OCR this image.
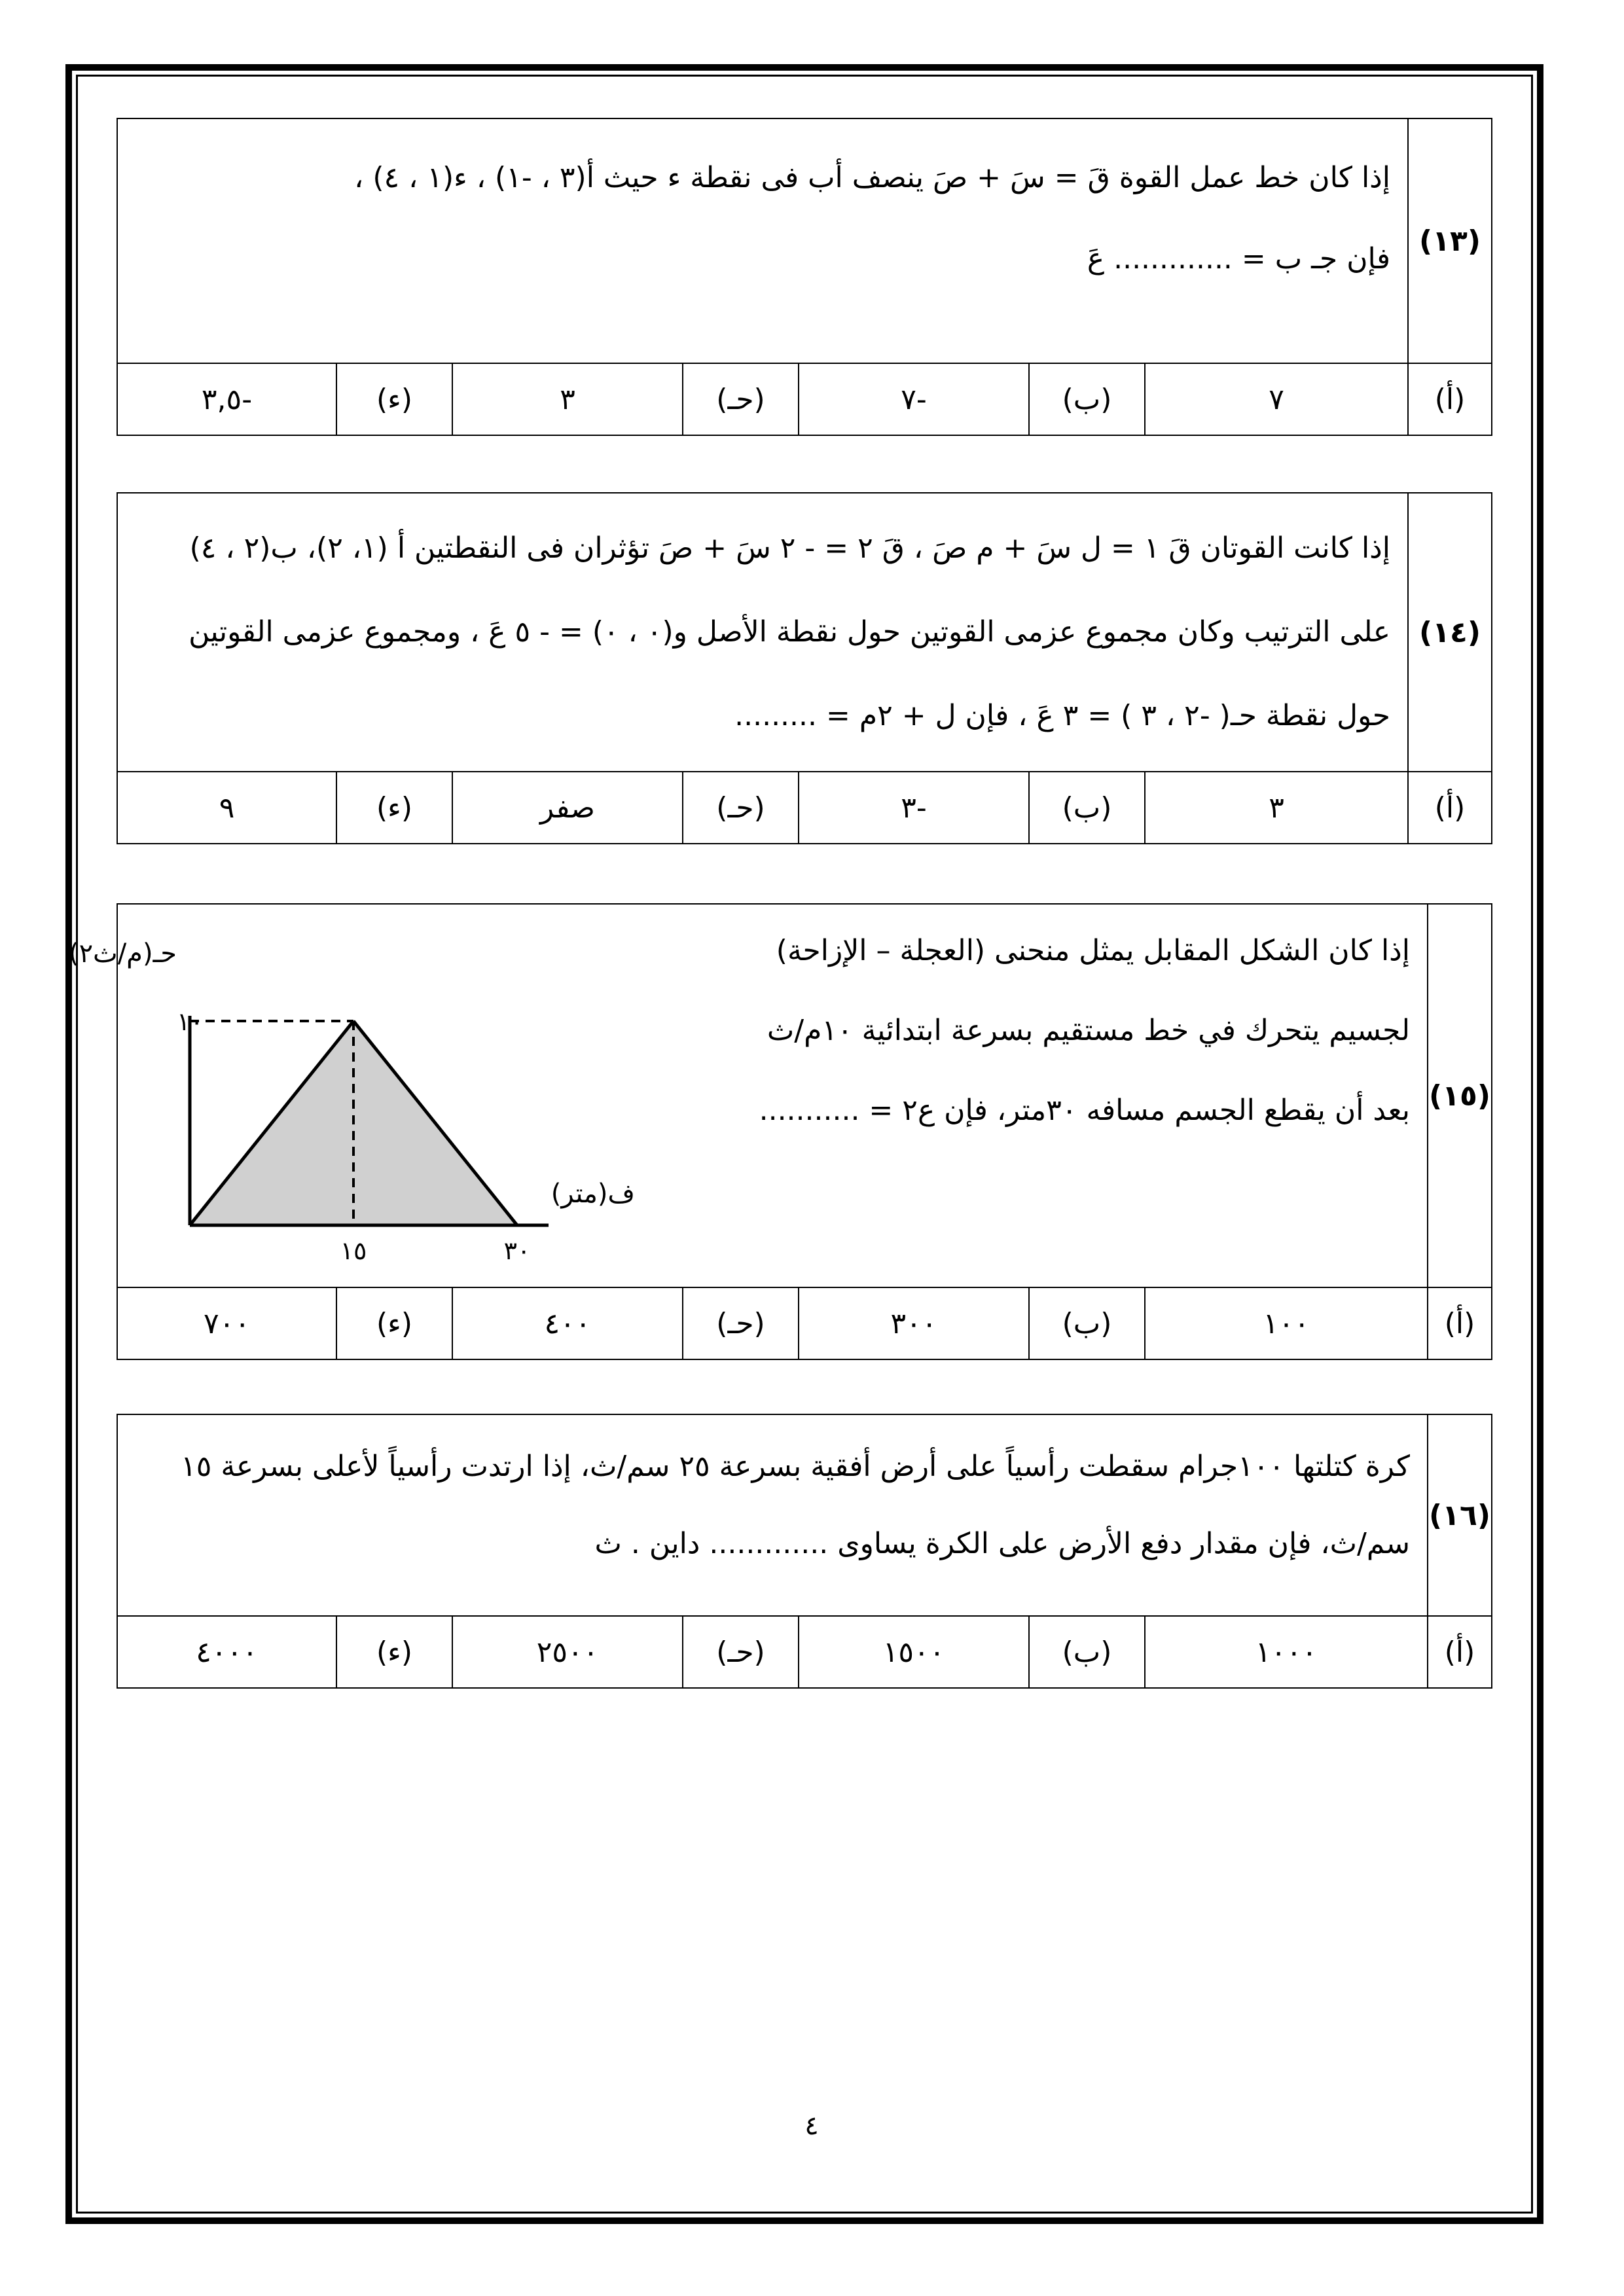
(١٣)

إذا كان خط عمل القوة قَ = سَ + صَ ينصف أب فى نقطة ء حيث أ(٣ ، -١) ، ء(١ ، ٤) ،

فإن جـ ب = ............. عَ

(أ)
٧
(ب)
-٧
(حـ)
٣
(ء)
-٣,٥
(١٤)

إذا كانت القوتان قَ ١ = ل سَ + م صَ ، قَ ٢ = - ٢ سَ + صَ تؤثران فى النقطتين أ (١، ٢)، ب(٢ ، ٤)

على الترتيب وكان مجموع عزمى القوتين حول نقطة الأصل و(٠ ، ٠) = - ٥ عَ ، ومجموع عزمى القوتين

حول نقطة حـ( -٢ ، ٣ ) = ٣ عَ ، فإن ل + ٢م = .........

(أ)
٣
(ب)
-٣
(حـ)
صفر
(ء)
٩
(١٥)

إذا كان الشكل المقابل يمثل منحنى (العجلة – الإزاحة)

لجسيم يتحرك في خط مستقيم بسرعة ابتدائية ١٠م/ث

بعد أن يقطع الجسم مسافه ٣٠متر، فإن ع٢ = ...........

حـ(م/ث٢)
ف(متر)
١٠
١٥	٣٠
(أ)
١٠٠
(ب)
٣٠٠
(حـ)
٤٠٠
(ء)
٧٠٠
(١٦)

كرة كتلتها ١٠٠جرام سقطت رأسياً على أرض أفقية بسرعة ٢٥ سم/ث، إذا ارتدت رأسياً لأعلى بسرعة ١٥

سم/ث، فإن مقدار دفع الأرض على الكرة يساوى ............. داين . ث

(أ)
١٠٠٠
(ب)
١٥٠٠
(حـ)
٢٥٠٠
(ء)
٤٠٠٠
٤
